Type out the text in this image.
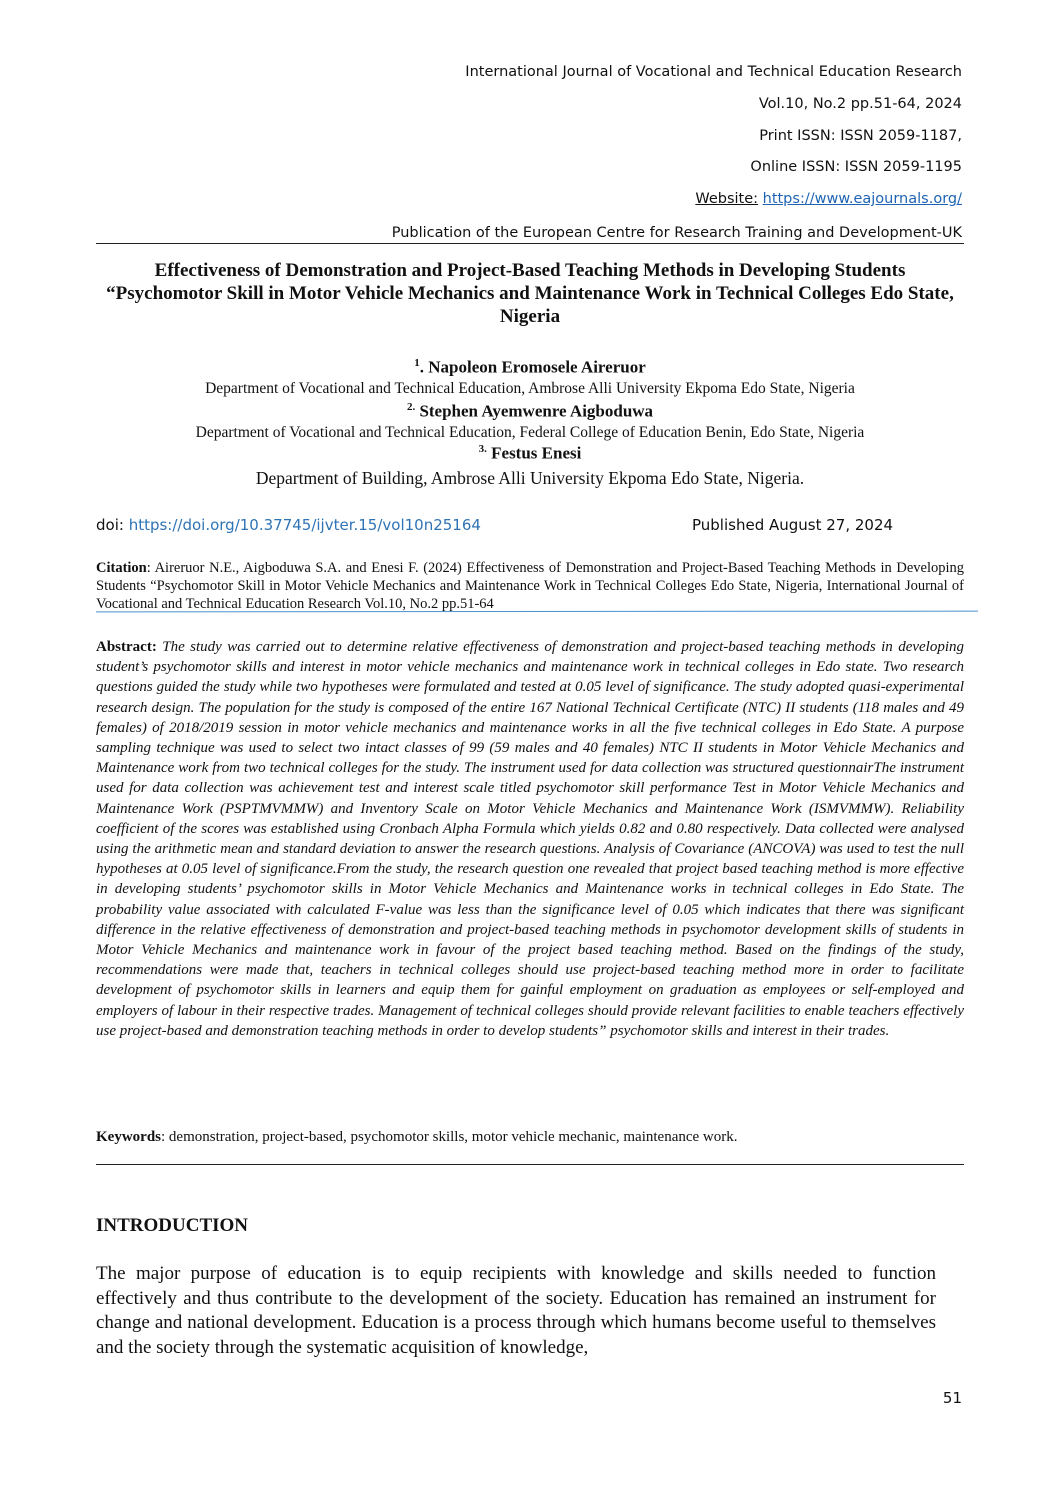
International Journal of Vocational and Technical Education Research
Vol.10, No.2 pp.51-64, 2024
Print ISSN: ISSN 2059-1187,
Online ISSN: ISSN 2059-1195
Website: https://www.eajournals.org/
Publication of the European Centre for Research Training and Development-UK
Effectiveness of Demonstration and Project-Based Teaching Methods in Developing Students “Psychomotor Skill in Motor Vehicle Mechanics and Maintenance Work in Technical Colleges Edo State, Nigeria
$^1$. Napoleon Eromosele Aireruor
Department of Vocational and Technical Education, Ambrose Alli University Ekpoma Edo State, Nigeria
$^{2.}$ Stephen Ayemwenre Aigboduwa
Department of Vocational and Technical Education, Federal College of Education Benin, Edo State, Nigeria
$^{3.}$ Festus Enesi
Department of Building, Ambrose Alli University Ekpoma Edo State, Nigeria.
doi: https://doi.org/10.37745/ijvter.15/vol10n25164	Published August 27, 2024
Citation: Aireruor N.E., Aigboduwa S.A. and Enesi F. (2024) Effectiveness of Demonstration and Project-Based Teaching Methods in Developing Students “Psychomotor Skill in Motor Vehicle Mechanics and Maintenance Work in Technical Colleges Edo State, Nigeria, International Journal of Vocational and Technical Education Research Vol.10, No.2 pp.51-64
Abstract: The study was carried out to determine relative effectiveness of demonstration and project-based teaching methods in developing student’s psychomotor skills and interest in motor vehicle mechanics and maintenance work in technical colleges in Edo state. Two research questions guided the study while two hypotheses were formulated and tested at 0.05 level of significance. The study adopted quasi-experimental research design. The population for the study is composed of the entire 167 National Technical Certificate (NTC) II students (118 males and 49 females) of 2018/2019 session in motor vehicle mechanics and maintenance works in all the five technical colleges in Edo State. A purpose sampling technique was used to select two intact classes of 99 (59 males and 40 females) NTC II students in Motor Vehicle Mechanics and Maintenance work from two technical colleges for the study. The instrument used for data collection was structured questionnairThe instrument used for data collection was achievement test and interest scale titled psychomotor skill performance Test in Motor Vehicle Mechanics and Maintenance Work (PSPTMVMMW) and Inventory Scale on Motor Vehicle Mechanics and Maintenance Work (ISMVMMW). Reliability coefficient of the scores was established using Cronbach Alpha Formula which yields 0.82 and 0.80 respectively. Data collected were analysed using the arithmetic mean and standard deviation to answer the research questions. Analysis of Covariance (ANCOVA) was used to test the null hypotheses at 0.05 level of significance.From the study, the research question one revealed that project based teaching method is more effective in developing students’ psychomotor skills in Motor Vehicle Mechanics and Maintenance works in technical colleges in Edo State. The probability value associated with calculated F-value was less than the significance level of 0.05 which indicates that there was significant difference in the relative effectiveness of demonstration and project-based teaching methods in psychomotor development skills of students in Motor Vehicle Mechanics and maintenance work in favour of the project based teaching method. Based on the findings of the study, recommendations were made that, teachers in technical colleges should use project-based teaching method more in order to facilitate development of psychomotor skills in learners and equip them for gainful employment on graduation as employees or self-employed and employers of labour in their respective trades. Management of technical colleges should provide relevant facilities to enable teachers effectively use project-based and demonstration teaching methods in order to develop students” psychomotor skills and interest in their trades.
Keywords: demonstration, project-based, psychomotor skills, motor vehicle mechanic, maintenance work.
INTRODUCTION
The major purpose of education is to equip recipients with knowledge and skills needed to function effectively and thus contribute to the development of the society. Education has remained an instrument for change and national development. Education is a process through which humans become useful to themselves and the society through the systematic acquisition of knowledge,
51
